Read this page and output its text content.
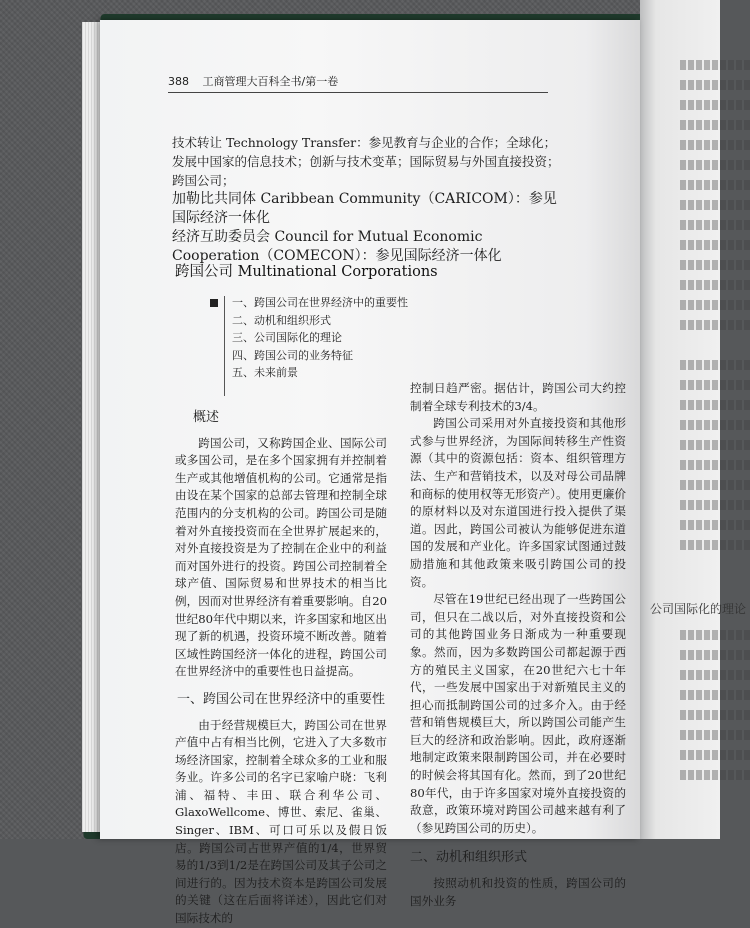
公司国际化的理论
388 工商管理大百科全书/第一卷

技术转让 Technology Transfer：参见教育与企业的合作；全球化；发展中国家的信息技术；创新与技术变革；国际贸易与外国直接投资；跨国公司；

加勒比共同体 Caribbean Community（CARICOM）：参见国际经济一体化

经济互助委员会 Council for Mutual Economic Cooperation（COMECON）：参见国际经济一体化

跨国公司 Multinational Corporations
一、跨国公司在世界经济中的重要性
二、动机和组织形式
三、公司国际化的理论
四、跨国公司的业务特征
五、未来前景

概述

跨国公司，又称跨国企业、国际公司或多国公司，是在多个国家拥有并控制着生产或其他增值机构的公司。它通常是指由设在某个国家的总部去管理和控制全球范围内的分支机构的公司。跨国公司是随着对外直接投资而在全世界扩展起来的，对外直接投资是为了控制在企业中的利益而对国外进行的投资。跨国公司控制着全球产值、国际贸易和世界技术的相当比例，因而对世界经济有着重要影响。自20世纪80年代中期以来，许多国家和地区出现了新的机遇，投资环境不断改善。随着区域性跨国经济一体化的进程，跨国公司在世界经济中的重要性也日益提高。

一、跨国公司在世界经济中的重要性

由于经营规模巨大，跨国公司在世界产值中占有相当比例，它进入了大多数市场经济国家，控制着全球众多的工业和服务业。许多公司的名字已家喻户晓：飞利浦、福特、丰田、联合利华公司、GlaxoWellcome、博世、索尼、雀巢、Singer、IBM、可口可乐以及假日饭店。跨国公司占世界产值的1/4，世界贸易的1/3到1/2是在跨国公司及其子公司之间进行的。因为技术资本是跨国公司发展的关键（这在后面将详述），因此它们对国际技术的

控制日趋严密。据估计，跨国公司大约控制着全球专利技术的3/4。

跨国公司采用对外直接投资和其他形式参与世界经济，为国际间转移生产性资源（其中的资源包括：资本、组织管理方法、生产和营销技术，以及对母公司品牌和商标的使用权等无形资产）。使用更廉价的原材料以及对东道国进行投入提供了渠道。因此，跨国公司被认为能够促进东道国的发展和产业化。许多国家试图通过鼓励措施和其他政策来吸引跨国公司的投资。

尽管在19世纪已经出现了一些跨国公司，但只在二战以后，对外直接投资和公司的其他跨国业务日渐成为一种重要现象。然而，因为多数跨国公司都起源于西方的殖民主义国家，在20世纪六七十年代，一些发展中国家出于对新殖民主义的担心而抵制跨国公司的过多介入。由于经营和销售规模巨大，所以跨国公司能产生巨大的经济和政治影响。因此，政府逐渐地制定政策来限制跨国公司，并在必要时的时候会将其国有化。然而，到了20世纪80年代，由于许多国家对境外直接投资的敌意，政策环境对跨国公司越来越有利了（参见跨国公司的历史）。

二、动机和组织形式

按照动机和投资的性质，跨国公司的国外业务
